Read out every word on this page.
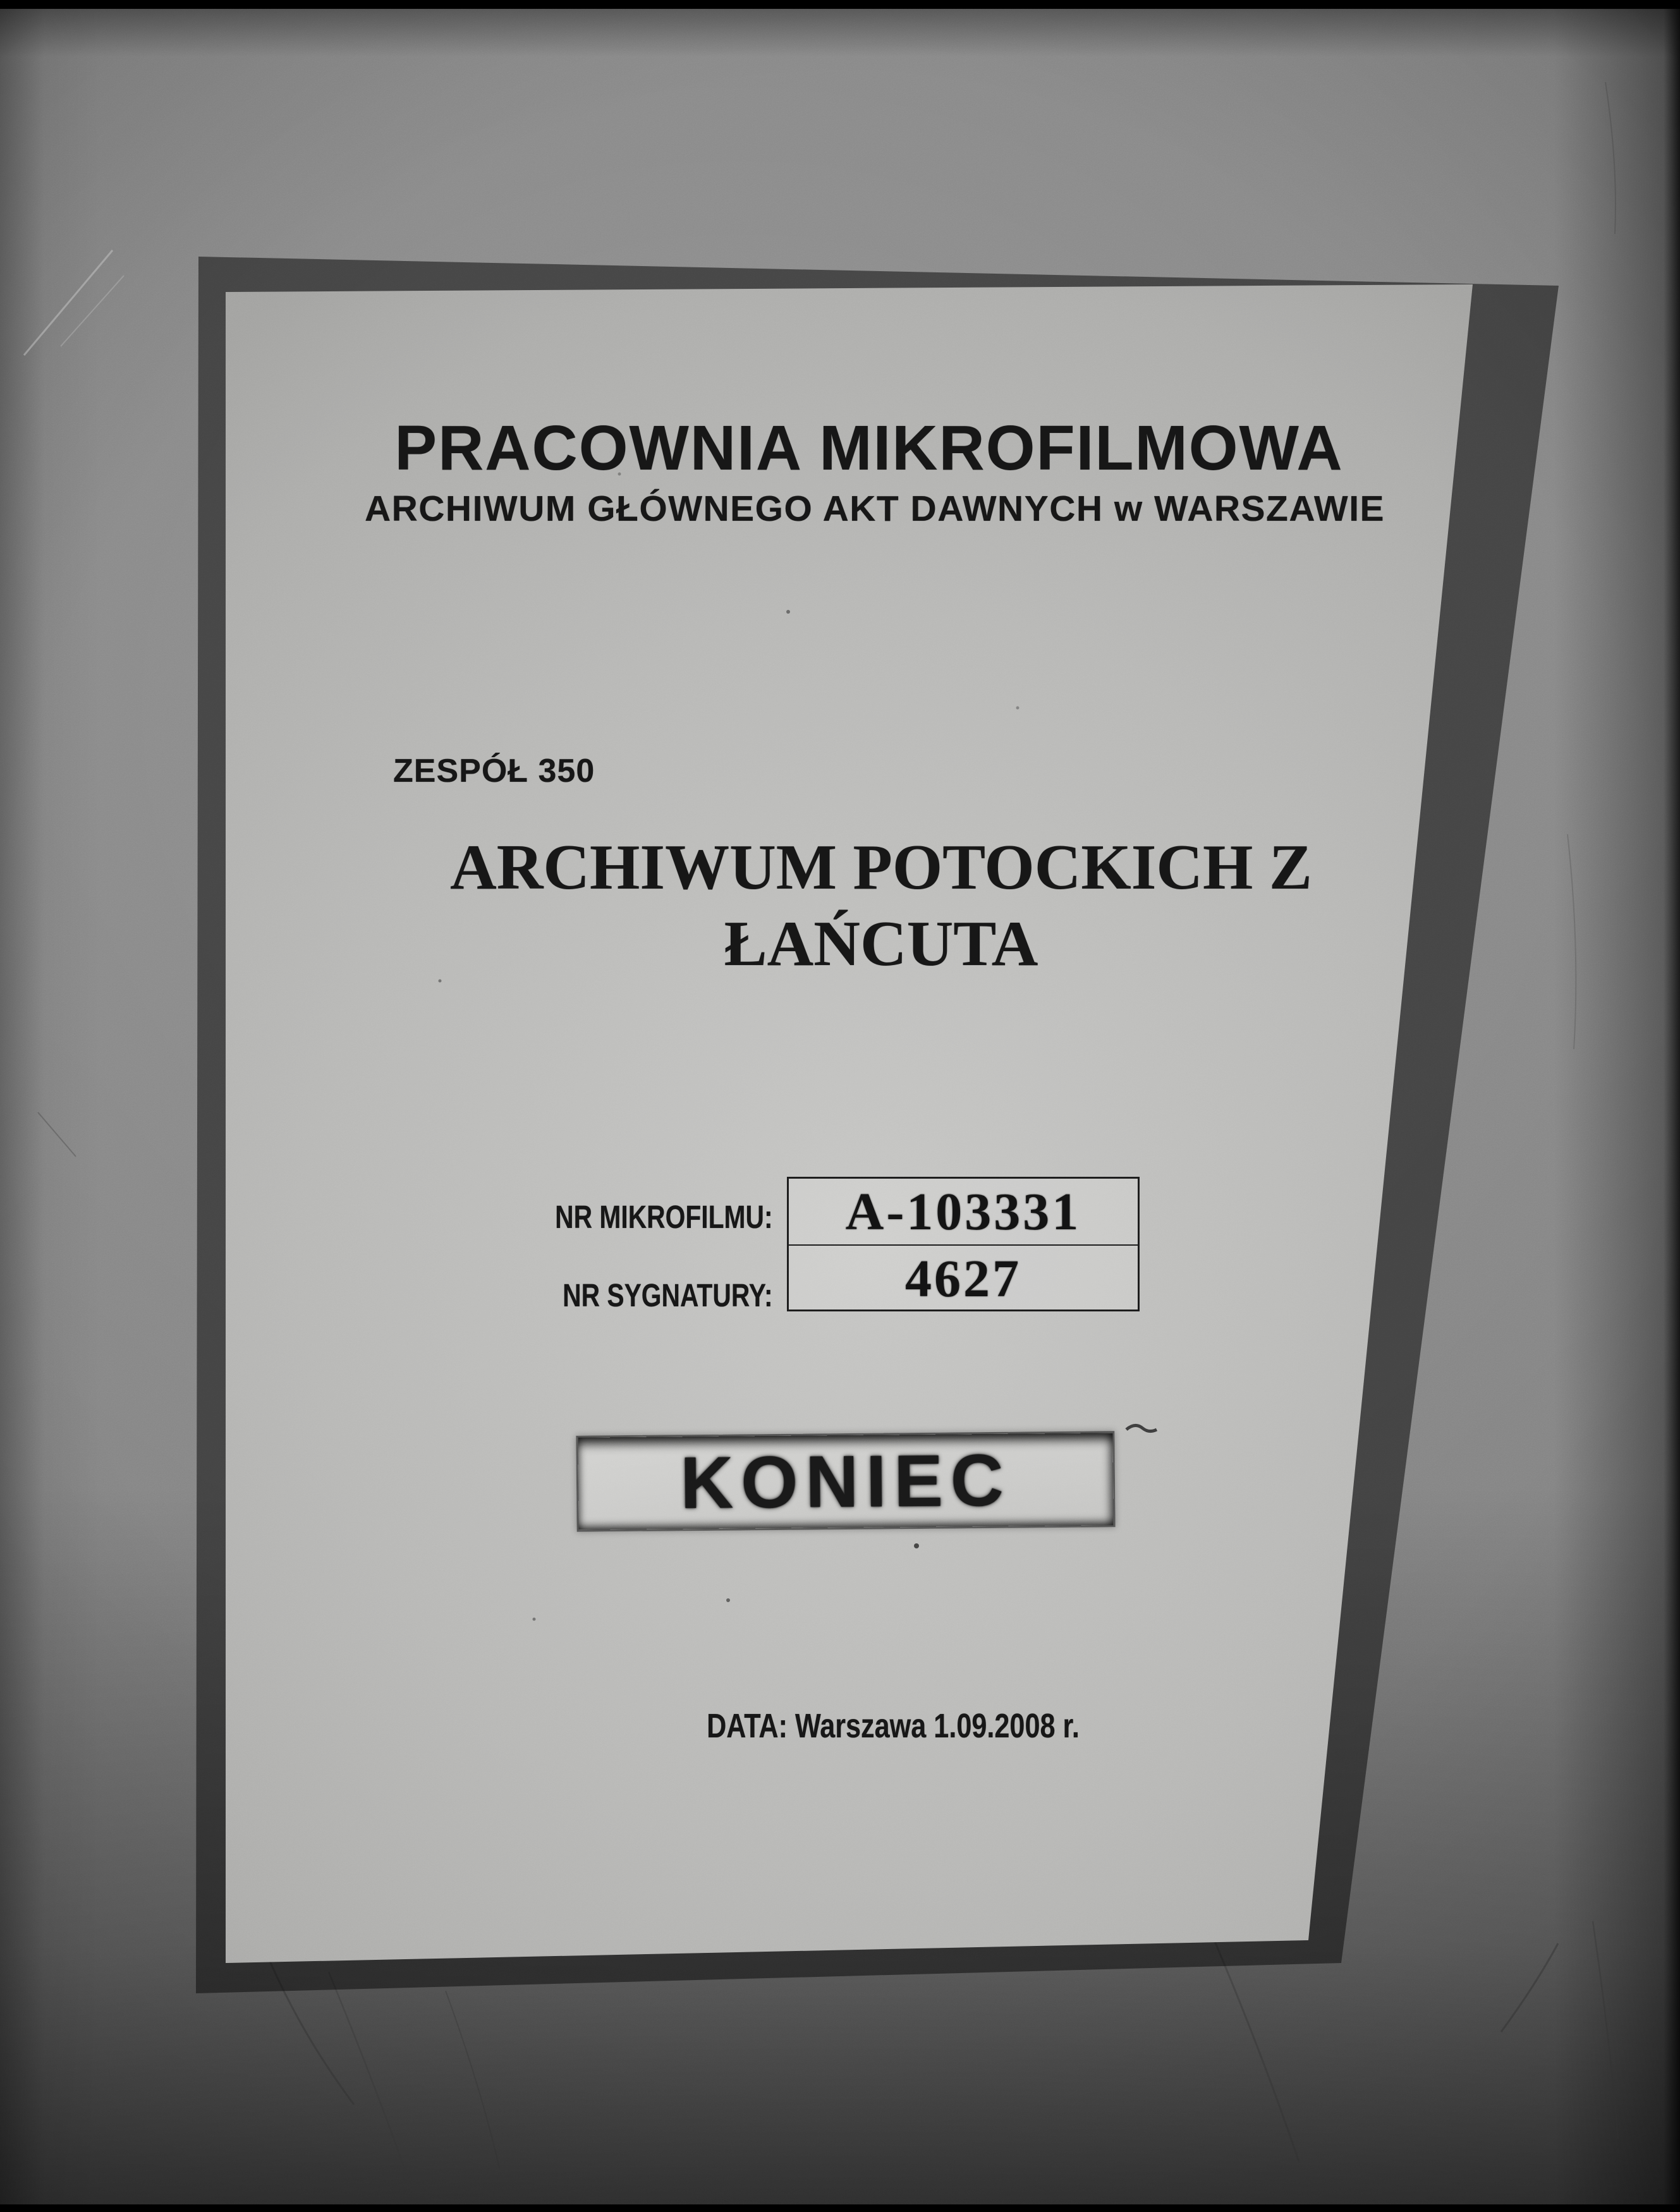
PRACOWNIA MIKROFILMOWA
ARCHIWUM GŁÓWNEGO AKT DAWNYCH w WARSZAWIE
ZESPÓŁ 350
ARCHIWUM POTOCKICH Z
ŁAŃCUTA
NR MIKROFILMU:
NR SYGNATURY:
A-103331
4627
KONIEC
DATA: Warszawa 1.09.2008 r.
